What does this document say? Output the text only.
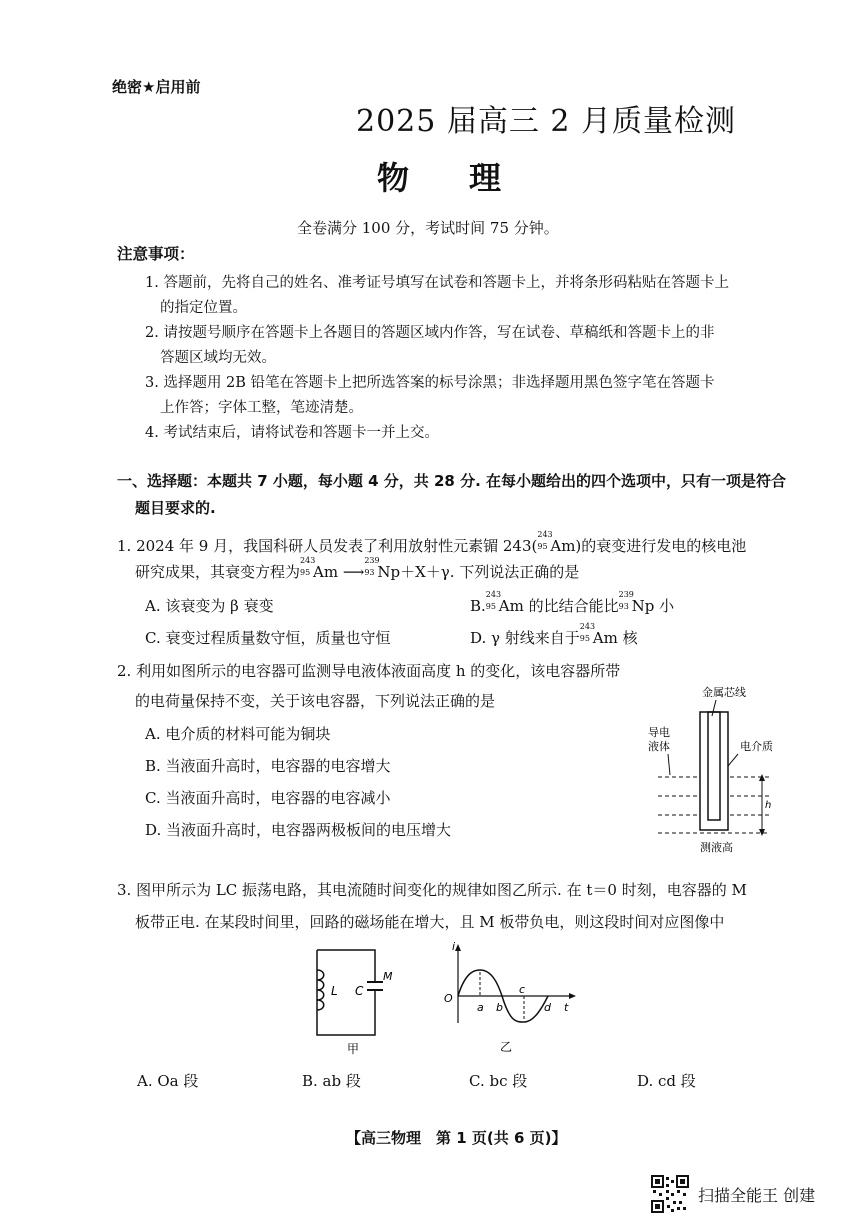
绝密★启用前
2025 届高三 2 月质量检测
物理
全卷满分 100 分，考试时间 75 分钟。
注意事项：
1. 答题前，先将自己的姓名、准考证号填写在试卷和答题卡上，并将条形码粘贴在答题卡上
的指定位置。
2. 请按题号顺序在答题卡上各题目的答题区域内作答，写在试卷、草稿纸和答题卡上的非
答题区域均无效。
3. 选择题用 2B 铅笔在答题卡上把所选答案的标号涂黑；非选择题用黑色签字笔在答题卡
上作答；字体工整，笔迹清楚。
4. 考试结束后，请将试卷和答题卡一并上交。
一、选择题：本题共 7 小题，每小题 4 分，共 28 分. 在每小题给出的四个选项中，只有一项是符合
题目要求的.
1. 2024 年 9 月，我国科研人员发表了利用放射性元素镅 243(
243
95 Am)的衰变进行发电的核电池
研究成果，其衰变方程为
243
95 Am ⟶
239
93 Np＋X＋γ. 下列说法正确的是
A. 该衰变为 β 衰变	B.
243
95 Am 的比结合能比
239
93 Np 小
C. 衰变过程质量数守恒，质量也守恒	D. γ 射线来自于
243
95 Am 核
2. 利用如图所示的电容器可监测导电液体液面高度 h 的变化，该电容器所带
的电荷量保持不变，关于该电容器，下列说法正确的是
A. 电介质的材料可能为铜块
B. 当液面升高时，电容器的电容增大
C. 当液面升高时，电容器的电容减小
D. 当液面升高时，电容器两极板间的电压增大
金属芯线
导电
液体	电介质
h
测液高
3. 图甲所示为 LC 振荡电路，其电流随时间变化的规律如图乙所示. 在 t＝0 时刻，电容器的 M
板带正电. 在某段时间里，回路的磁场能在增大，且 M 板带负电，则这段时间对应图像中
L C
M
甲
i
O
a b
c
d t
乙
A. Oa 段	B. ab 段	C. bc 段	D. cd 段
【高三物理　第 1 页(共 6 页)】
扫描全能王 创建
